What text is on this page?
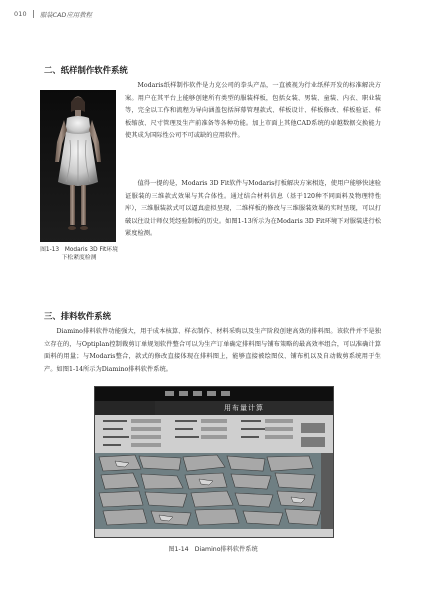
010 服装CAD应用教程
二、纸样制作软件系统
图1-13　Modaris 3D Fit环境下松紧度检测

Modaris纸样制作软件是力克公司的拳头产品，一直被视为行业纸样开发的标准解决方案。用户在其平台上能够创建所有类型的服装样板，包括女装、男装、童装、内衣、职业装等，完全以工作和流程为导向涵盖包括屏幕管理款式、样板设计、样板修改、样板验证、样板缩放、尺寸管理及生产前准备等各种功能。加上市面上其他CAD系统的卓越数据交换能力使其成为国际性公司不可或缺的应用软件。

值得一提的是，Modaris 3D Fit软件与Modaris打板解决方案相连，使用户能够快速验证服装的三维款式效果与其合体性。通过结合材料信息（基于120种不同面料及物理特性库），三维服装款式可以逼真虚拟呈现，二维样板的修改与三维服装效果的实时呈现，可以打破以往设计师仅凭经验制板的历史。如图1-13所示为在Modaris 3D Fit环境下对服装进行松紧度检测。

三、排料软件系统

Diamino排料软件功能强大，用于成本核算、样衣制作、材料采购以及生产阶段创建高效的排料图。该软件并不是独立存在的，与Optiplan控制裁剪订单规划软件整合可以为生产订单确定排料图与铺布策略的最高效率组合，可以准确计算面料的用量；与Modaris整合，款式的修改直接体现在排料图上，能够直接被绘图仪、铺布机以及自动裁剪系统用于生产。如图1-14所示为Diamino排料软件系统。

用布量计算
图1-14　Diamino排料软件系统
